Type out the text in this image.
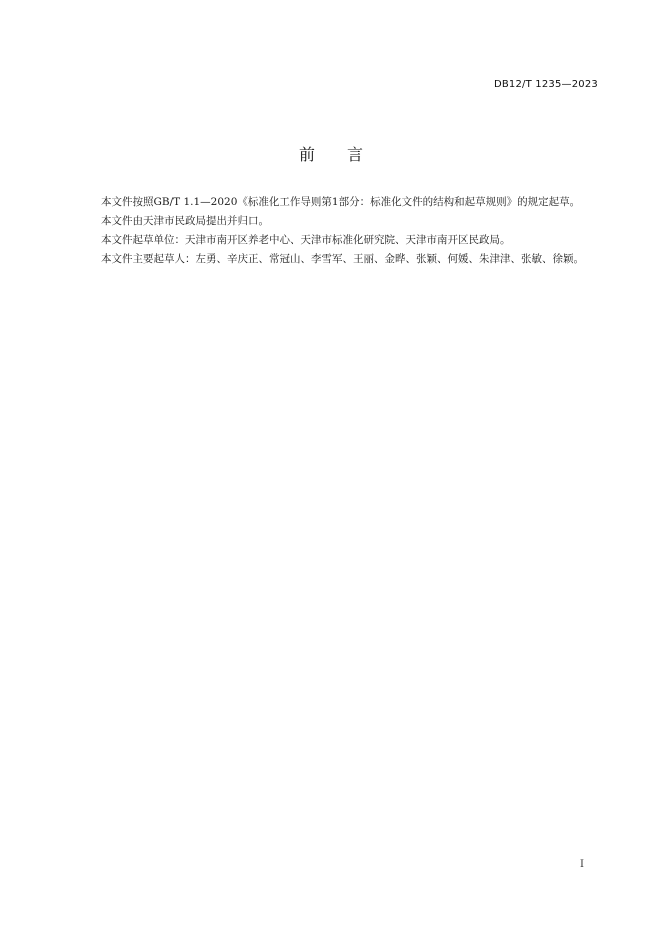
DB12/T 1235—2023
前 言

本文件按照GB/T 1.1—2020《标准化工作导则第1部分：标准化文件的结构和起草规则》的规定起草。

本文件由天津市民政局提出并归口。

本文件起草单位：天津市南开区养老中心、天津市标准化研究院、天津市南开区民政局。

本文件主要起草人：左勇、辛庆正、常冠山、李雪军、王丽、金晔、张颖、何媛、朱津津、张敏、徐颖。

I
